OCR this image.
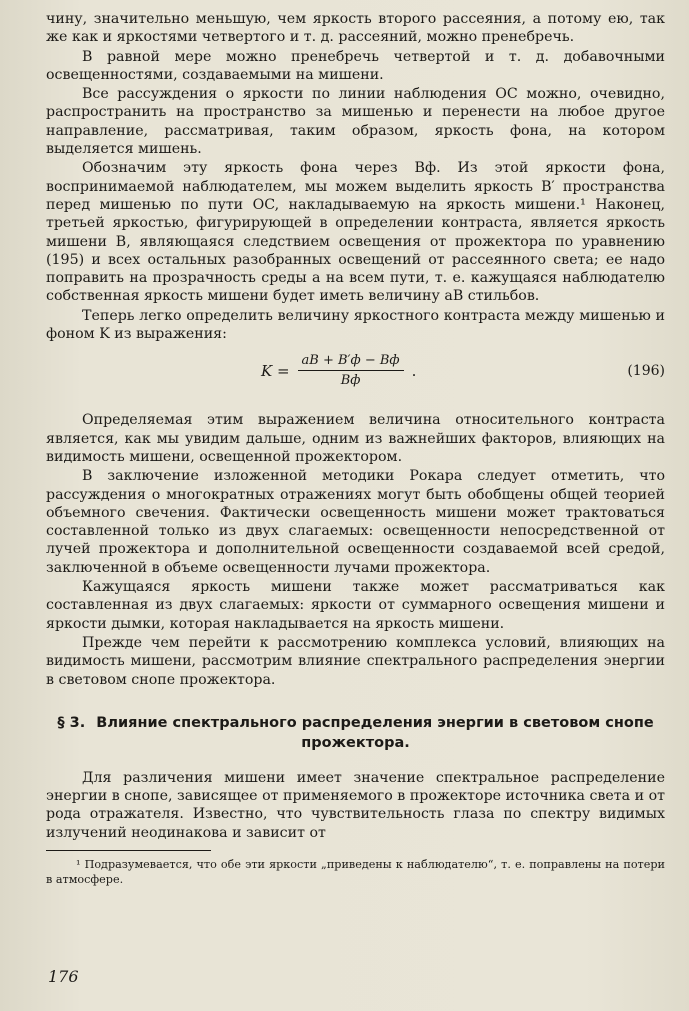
чину, значительно меньшую, чем яркость второго рассеяния, а потому ею, так же как и яркостями четвертого и т. д. рассеяний, можно пренебречь.

В равной мере можно пренебречь четвертой и т. д. добавочными освещенностями, создаваемыми на мишени.

Все рассуждения о яркости по линии наблюдения OC можно, очевидно, распространить на пространство за мишенью и перенести на любое другое направление, рассматривая, таким образом, яркость фона, на котором выделяется мишень.

Обозначим эту яркость фона через Bф. Из этой яркости фона, воспринимаемой наблюдателем, мы можем выделить яркость B′ пространства перед мишенью по пути OC, накладываемую на яркость мишени.¹ Наконец, третьей яркостью, фигурирующей в определении контраста, является яркость мишени B, являющаяся следствием освещения от прожектора по уравнению (195) и всех остальных разобранных освещений от рассеянного света; ее надо поправить на прозрачность среды a на всем пути, т. е. кажущаяся наблюдателю собственная яркость мишени будет иметь величину aB стильбов.

Теперь легко определить величину яркостного контраста между мишенью и фоном K из выражения:

$K = \frac{aB + B'ф - Bф}{Bф}$ .	(196)

Определяемая этим выражением величина относительного контраста является, как мы увидим дальше, одним из важнейших факторов, влияющих на видимость мишени, освещенной прожектором.

В заключение изложенной методики Рокара следует отметить, что рассуждения о многократных отражениях могут быть обобщены общей теорией объемного свечения. Фактически освещенность мишени может трактоваться составленной только из двух слагаемых: освещенности непосредственной от лучей прожектора и дополнительной освещенности создаваемой всей средой, заключенной в объеме освещенности лучами прожектора.

Кажущаяся яркость мишени также может рассматриваться как составленная из двух слагаемых: яркости от суммарного освещения мишени и яркости дымки, которая накладывается на яркость мишени.

Прежде чем перейти к рассмотрению комплекса условий, влияющих на видимость мишени, рассмотрим влияние спектрального распределения энергии в световом снопе прожектора.

§ 3. Влияние спектрального распределения энергии в световом снопе прожектора.

Для различения мишени имеет значение спектральное распределение энергии в снопе, зависящее от применяемого в прожекторе источника света и от рода отражателя. Известно, что чувствительность глаза по спектру видимых излучений неодинакова и зависит от

¹ Подразумевается, что обе эти яркости „приведены к наблюдателю“, т. е. поправлены на потери в атмосфере.

176
